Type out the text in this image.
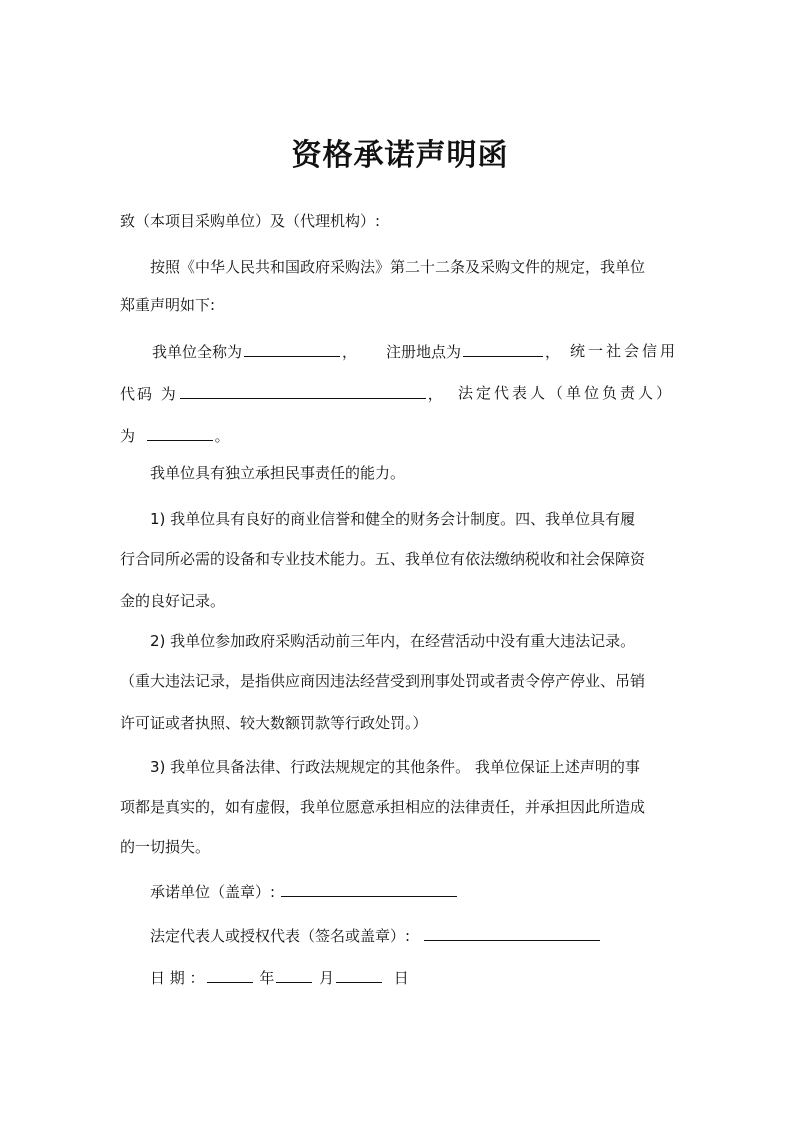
资格承诺声明函
致（本项目采购单位）及（代理机构）:
按照《中华人民共和国政府采购法》第二十二条及采购文件的规定，我单位
郑重声明如下:
我单位全称为	， 注册地点为	， 统一社会信用
代码 为	， 法定代表人（单位负责人）
为	。
我单位具有独立承担民事责任的能力。
1) 我单位具有良好的商业信誉和健全的财务会计制度。四、我单位具有履
行合同所必需的设备和专业技术能力。五、我单位有依法缴纳税收和社会保障资
金的良好记录。
2) 我单位参加政府采购活动前三年内，在经营活动中没有重大违法记录。
（重大违法记录，是指供应商因违法经营受到刑事处罚或者责令停产停业、吊销
许可证或者执照、较大数额罚款等行政处罚。）
3) 我单位具备法律、行政法规规定的其他条件。 我单位保证上述声明的事
项都是真实的，如有虚假，我单位愿意承担相应的法律责任，并承担因此所造成
的一切损失。
承诺单位（盖章）:
法定代表人或授权代表（签名或盖章）:
日 期 ：	年	月	日
